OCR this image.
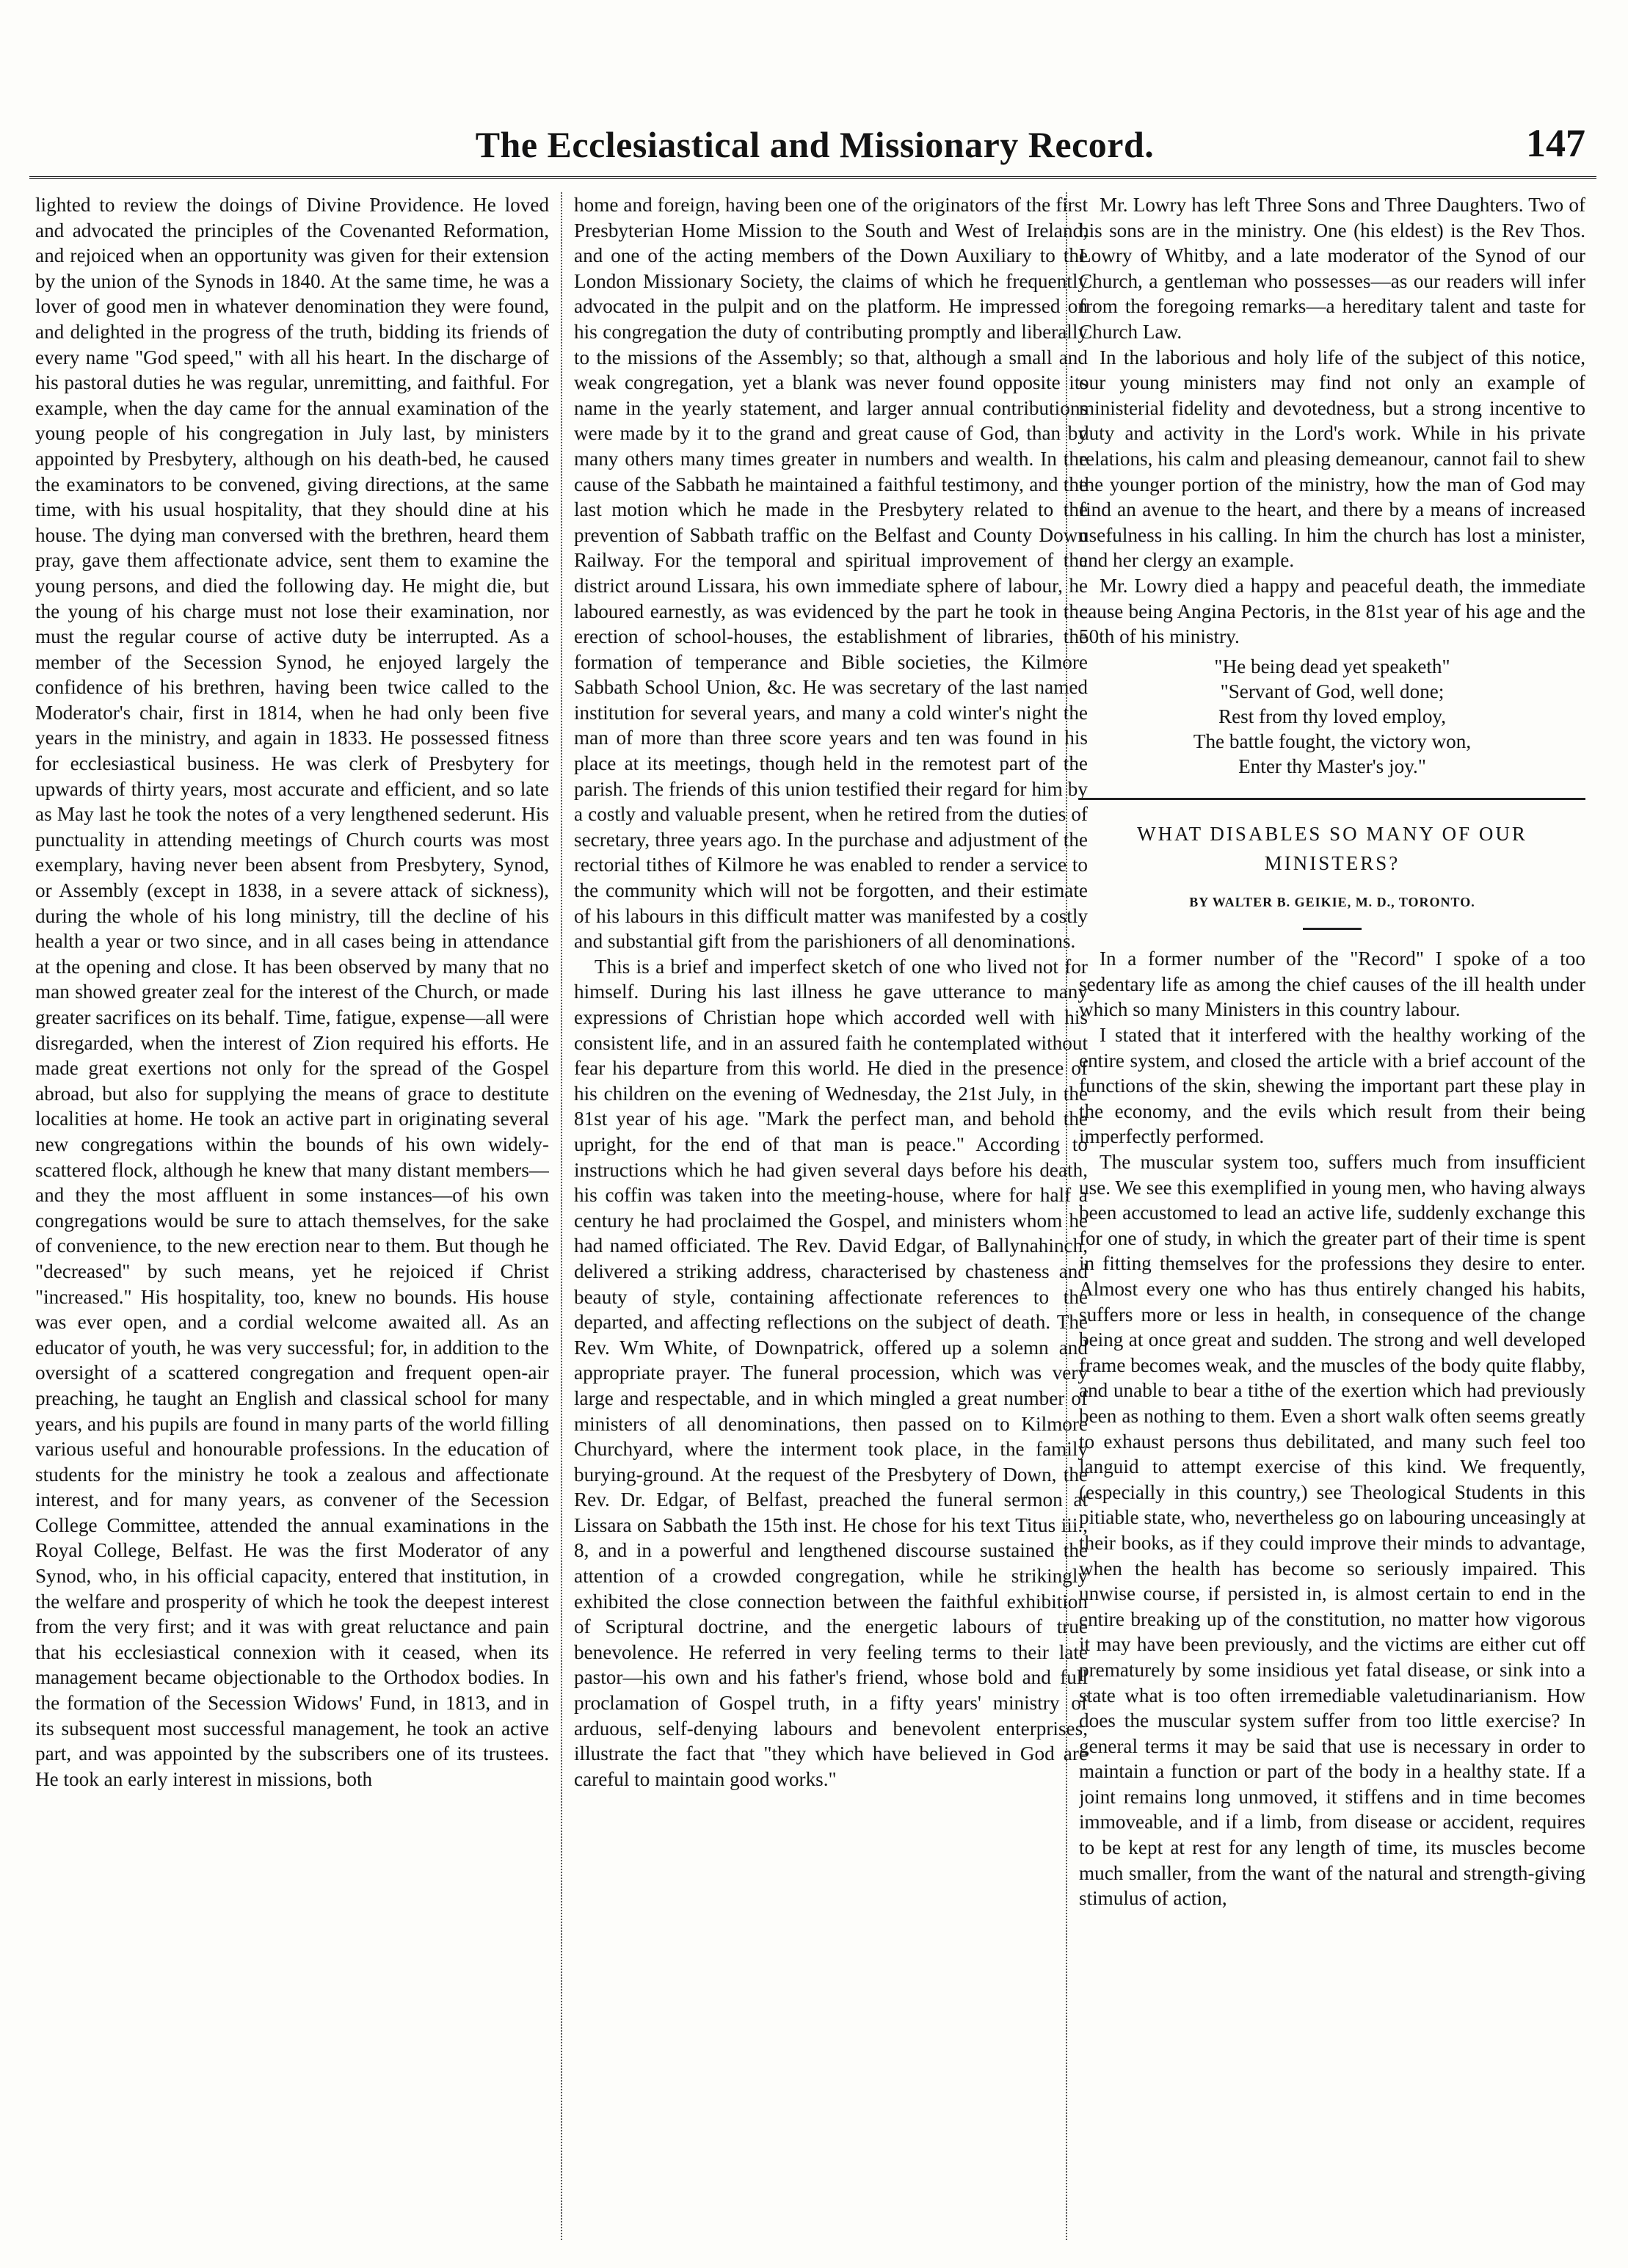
The Ecclesiastical and Missionary Record.	147

lighted to review the doings of Divine Providence. He loved and advocated the principles of the Covenanted Reformation, and rejoiced when an opportunity was given for their extension by the union of the Synods in 1840. At the same time, he was a lover of good men in whatever denomination they were found, and delighted in the progress of the truth, bidding its friends of every name "God speed," with all his heart. In the discharge of his pastoral duties he was regular, unremitting, and faithful. For example, when the day came for the annual examination of the young people of his congregation in July last, by ministers appointed by Presbytery, although on his death-bed, he caused the examinators to be convened, giving directions, at the same time, with his usual hospitality, that they should dine at his house. The dying man conversed with the brethren, heard them pray, gave them affectionate advice, sent them to examine the young persons, and died the following day. He might die, but the young of his charge must not lose their examination, nor must the regular course of active duty be interrupted. As a member of the Secession Synod, he enjoyed largely the confidence of his brethren, having been twice called to the Moderator's chair, first in 1814, when he had only been five years in the ministry, and again in 1833. He possessed fitness for ecclesiastical business. He was clerk of Presbytery for upwards of thirty years, most accurate and efficient, and so late as May last he took the notes of a very lengthened sederunt. His punctuality in attending meetings of Church courts was most exemplary, having never been absent from Presbytery, Synod, or Assembly (except in 1838, in a severe attack of sickness), during the whole of his long ministry, till the decline of his health a year or two since, and in all cases being in attendance at the opening and close. It has been observed by many that no man showed greater zeal for the interest of the Church, or made greater sacrifices on its behalf. Time, fatigue, expense—all were disregarded, when the interest of Zion required his efforts. He made great exertions not only for the spread of the Gospel abroad, but also for supplying the means of grace to destitute localities at home. He took an active part in originating several new congregations within the bounds of his own widely-scattered flock, although he knew that many distant members—and they the most affluent in some instances—of his own congregations would be sure to attach themselves, for the sake of convenience, to the new erection near to them. But though he "decreased" by such means, yet he rejoiced if Christ "increased." His hospitality, too, knew no bounds. His house was ever open, and a cordial welcome awaited all. As an educator of youth, he was very successful; for, in addition to the oversight of a scattered congregation and frequent open-air preaching, he taught an English and classical school for many years, and his pupils are found in many parts of the world filling various useful and honourable professions. In the education of students for the ministry he took a zealous and affectionate interest, and for many years, as convener of the Secession College Committee, attended the annual examinations in the Royal College, Belfast. He was the first Moderator of any Synod, who, in his official capacity, entered that institution, in the welfare and prosperity of which he took the deepest interest from the very first; and it was with great reluctance and pain that his ecclesiastical connexion with it ceased, when its management became objectionable to the Orthodox bodies. In the formation of the Secession Widows' Fund, in 1813, and in its subsequent most successful management, he took an active part, and was appointed by the subscribers one of its trustees. He took an early interest in missions, both

home and foreign, having been one of the originators of the first Presbyterian Home Mission to the South and West of Ireland, and one of the acting members of the Down Auxiliary to the London Missionary Society, the claims of which he frequently advocated in the pulpit and on the platform. He impressed on his congregation the duty of contributing promptly and liberally to the missions of the Assembly; so that, although a small and weak congregation, yet a blank was never found opposite its name in the yearly statement, and larger annual contributions were made by it to the grand and great cause of God, than by many others many times greater in numbers and wealth. In the cause of the Sabbath he maintained a faithful testimony, and the last motion which he made in the Presbytery related to the prevention of Sabbath traffic on the Belfast and County Down Railway. For the temporal and spiritual improvement of the district around Lissara, his own immediate sphere of labour, he laboured earnestly, as was evidenced by the part he took in the erection of school-houses, the establishment of libraries, the formation of temperance and Bible societies, the Kilmore Sabbath School Union, &c. He was secretary of the last named institution for several years, and many a cold winter's night the man of more than three score years and ten was found in his place at its meetings, though held in the remotest part of the parish. The friends of this union testified their regard for him by a costly and valuable present, when he retired from the duties of secretary, three years ago. In the purchase and adjustment of the rectorial tithes of Kilmore he was enabled to render a service to the community which will not be forgotten, and their estimate of his labours in this difficult matter was manifested by a costly and substantial gift from the parishioners of all denominations.

This is a brief and imperfect sketch of one who lived not for himself. During his last illness he gave utterance to many expressions of Christian hope which accorded well with his consistent life, and in an assured faith he contemplated without fear his departure from this world. He died in the presence of his children on the evening of Wednesday, the 21st July, in the 81st year of his age. "Mark the perfect man, and behold the upright, for the end of that man is peace." According to instructions which he had given several days before his death, his coffin was taken into the meeting-house, where for half a century he had proclaimed the Gospel, and ministers whom he had named officiated. The Rev. David Edgar, of Ballynahinch, delivered a striking address, characterised by chasteness and beauty of style, containing affectionate references to the departed, and affecting reflections on the subject of death. The Rev. Wm White, of Downpatrick, offered up a solemn and appropriate prayer. The funeral procession, which was very large and respectable, and in which mingled a great number of ministers of all denominations, then passed on to Kilmore Churchyard, where the interment took place, in the family burying-ground. At the request of the Presbytery of Down, the Rev. Dr. Edgar, of Belfast, preached the funeral sermon at Lissara on Sabbath the 15th inst. He chose for his text Titus iii., 8, and in a powerful and lengthened discourse sustained the attention of a crowded congregation, while he strikingly exhibited the close connection between the faithful exhibition of Scriptural doctrine, and the energetic labours of true benevolence. He referred in very feeling terms to their late pastor—his own and his father's friend, whose bold and full proclamation of Gospel truth, in a fifty years' ministry of arduous, self-denying labours and benevolent enterprises, illustrate the fact that "they which have believed in God are careful to maintain good works."

Mr. Lowry has left Three Sons and Three Daughters. Two of his sons are in the ministry. One (his eldest) is the Rev Thos. Lowry of Whitby, and a late moderator of the Synod of our Church, a gentleman who possesses—as our readers will infer from the foregoing remarks—a hereditary talent and taste for Church Law.

In the laborious and holy life of the subject of this notice, our young ministers may find not only an example of ministerial fidelity and devotedness, but a strong incentive to duty and activity in the Lord's work. While in his private relations, his calm and pleasing demeanour, cannot fail to shew the younger portion of the ministry, how the man of God may find an avenue to the heart, and there by a means of increased usefulness in his calling. In him the church has lost a minister, and her clergy an example.

Mr. Lowry died a happy and peaceful death, the immediate cause being Angina Pectoris, in the 81st year of his age and the 50th of his ministry.

"He being dead yet speaketh"
"Servant of God, well done;
Rest from thy loved employ,
The battle fought, the victory won,
Enter thy Master's joy."
WHAT DISABLES SO MANY OF OUR MINISTERS?
BY WALTER B. GEIKIE, M. D., TORONTO.

In a former number of the "Record" I spoke of a too sedentary life as among the chief causes of the ill health under which so many Ministers in this country labour.

I stated that it interfered with the healthy working of the entire system, and closed the article with a brief account of the functions of the skin, shewing the important part these play in the economy, and the evils which result from their being imperfectly performed.

The muscular system too, suffers much from insufficient use. We see this exemplified in young men, who having always been accustomed to lead an active life, suddenly exchange this for one of study, in which the greater part of their time is spent in fitting themselves for the professions they desire to enter. Almost every one who has thus entirely changed his habits, suffers more or less in health, in consequence of the change being at once great and sudden. The strong and well developed frame becomes weak, and the muscles of the body quite flabby, and unable to bear a tithe of the exertion which had previously been as nothing to them. Even a short walk often seems greatly to exhaust persons thus debilitated, and many such feel too languid to attempt exercise of this kind. We frequently, (especially in this country,) see Theological Students in this pitiable state, who, nevertheless go on labouring unceasingly at their books, as if they could improve their minds to advantage, when the health has become so seriously impaired. This unwise course, if persisted in, is almost certain to end in the entire breaking up of the constitution, no matter how vigorous it may have been previously, and the victims are either cut off prematurely by some insidious yet fatal disease, or sink into a state what is too often irremediable valetudinarianism. How does the muscular system suffer from too little exercise? In general terms it may be said that use is necessary in order to maintain a function or part of the body in a healthy state. If a joint remains long unmoved, it stiffens and in time becomes immoveable, and if a limb, from disease or accident, requires to be kept at rest for any length of time, its muscles become much smaller, from the want of the natural and strength-giving stimulus of action,
